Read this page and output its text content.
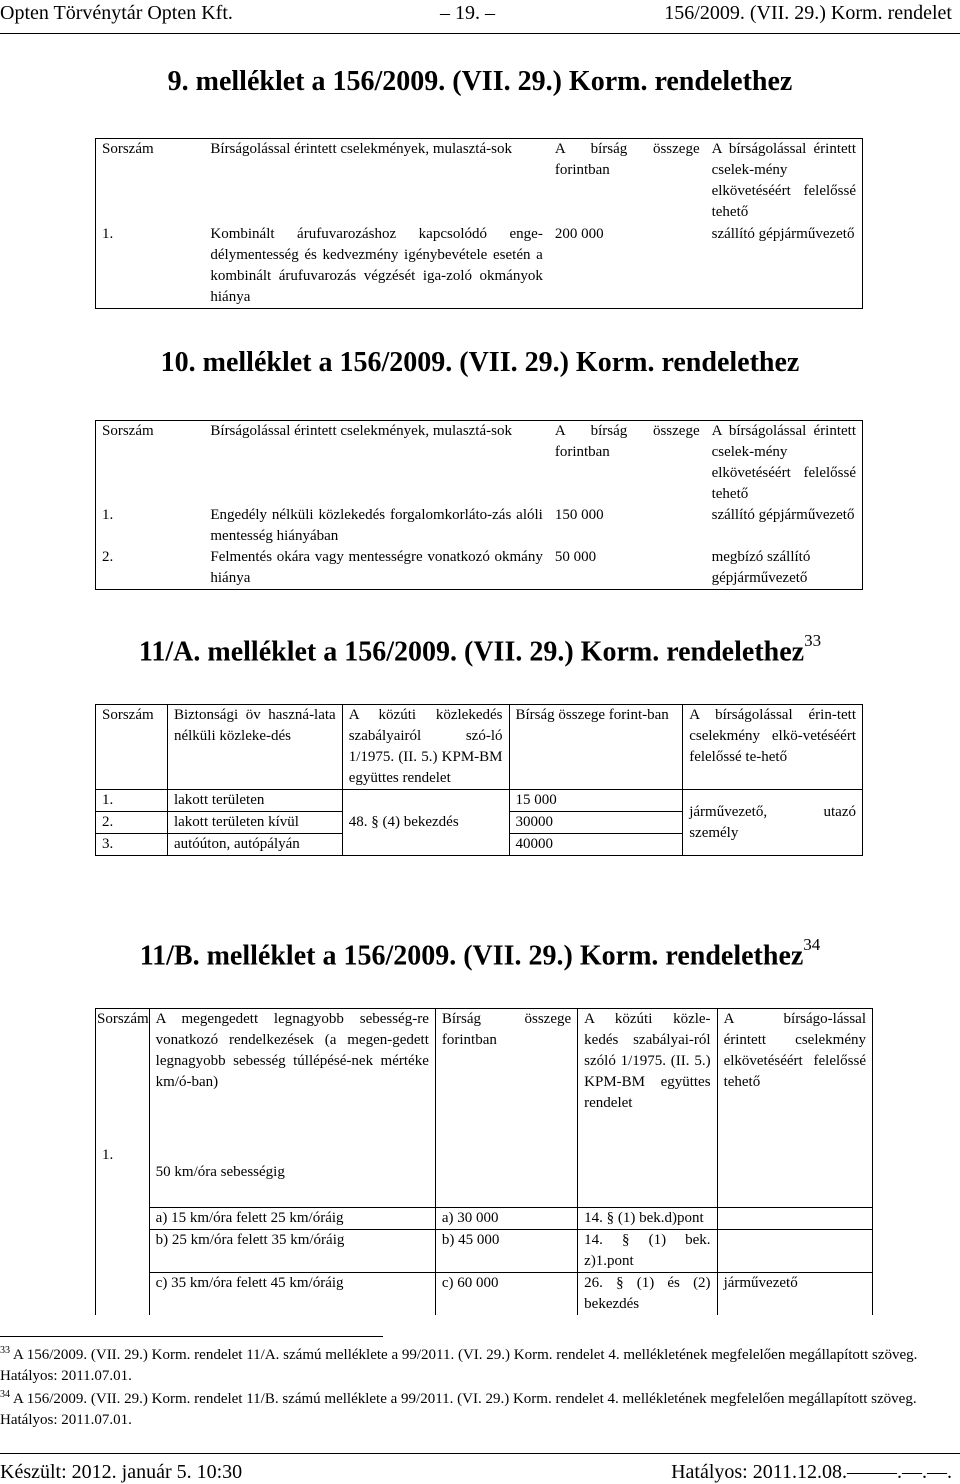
Opten Törvénytár Opten Kft.	– 19. –	156/2009. (VII. 29.) Korm. rendelet
9. melléklet a 156/2009. (VII. 29.) Korm. rendelethez
Sorszám	Bírságolással érintett cselekmények, mulasztá-sok	A bírság összege forintban	A bírságolással érintett cselek-mény elkövetéséért felelőssé tehető
1.	Kombinált árufuvarozáshoz kapcsolódó enge-délymentesség és kedvezmény igénybevétele esetén a kombinált árufuvarozás végzését iga-zoló okmányok hiánya	200 000	szállító gépjárművezető
10. melléklet a 156/2009. (VII. 29.) Korm. rendelethez
Sorszám	Bírságolással érintett cselekmények, mulasztá-sok	A bírság összege forintban	A bírságolással érintett cselek-mény elkövetéséért felelőssé tehető
1.	Engedély nélküli közlekedés forgalomkorláto-zás alóli mentesség hiányában	150 000	szállító gépjárművezető
2.	Felmentés okára vagy mentességre vonatkozó okmány hiánya	50 000	megbízó szállító gépjárművezető
11/A. melléklet a 156/2009. (VII. 29.) Korm. rendelethez$^{33}$
Sorszám	Biztonsági öv haszná-lata nélküli közleke-dés	A közúti közlekedés szabályairól szó-ló 1/1975. (II. 5.) KPM-BM együttes rendelet	Bírság összege forint-ban	A bírságolással érin-tett cselekmény elkö-vetéséért felelőssé te-hető
1.	lakott területen	48. § (4) bekezdés	15 000	járművezető, utazó személy
2.	lakott területen kívül		30000	
3.	autóúton, autópályán		40000	
11/B. melléklet a 156/2009. (VII. 29.) Korm. rendelethez$^{34}$
Sorszám	A megengedett legnagyobb sebesség-re vonatkozó rendelkezések (a megen-gedett legnagyobb sebesség túllépésé-nek mértéke km/ó-ban)	Bírság összege forintban	A közúti közle-kedés szabályai-ról szóló 1/1975. (II. 5.) KPM-BM együttes rendelet	A bírságo-lással érintett cselekmény elkövetéséért felelőssé tehető
1.	50 km/óra sebességig			

	a) 15 km/óra felett 25 km/óráig	a) 30 000	14. § (1) bek.d)pont	
	b) 25 km/óra felett 35 km/óráig	b) 45 000	14. § (1) bek. z)1.pont	
	c) 35 km/óra felett 45 km/óráig	c) 60 000	26. § (1) és (2) bekezdés	járművezető
$^{33}$ A 156/2009. (VII. 29.) Korm. rendelet 11/A. számú melléklete a 99/2011. (VI. 29.) Korm. rendelet 4. mellékletének megfelelően megállapított szöveg. Hatályos: 2011.07.01.
$^{34}$ A 156/2009. (VII. 29.) Korm. rendelet 11/B. számú melléklete a 99/2011. (VI. 29.) Korm. rendelet 4. mellékletének megfelelően megállapított szöveg. Hatályos: 2011.07.01.
Készült: 2012. január 5. 10:30	Hatályos: 2011.12.08.–––––.––.––.
